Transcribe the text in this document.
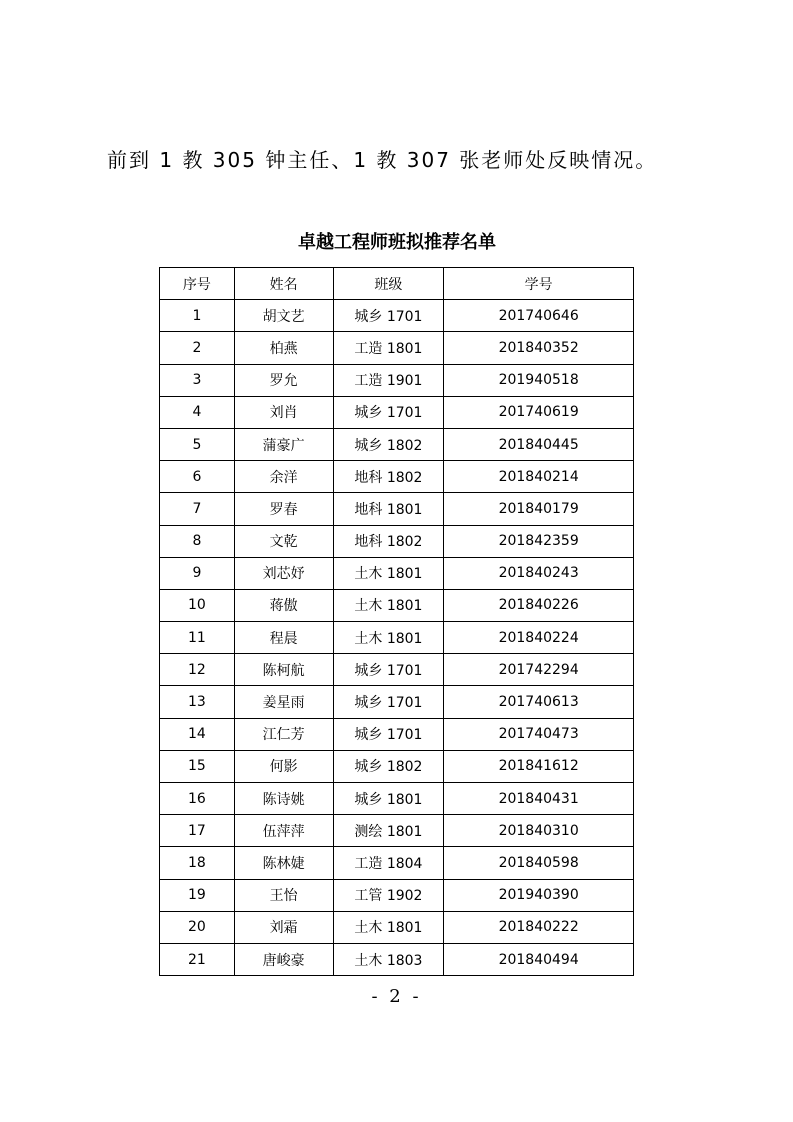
前到 1 教 305 钟主任、1 教 307 张老师处反映情况。
卓越工程师班拟推荐名单
序号	姓名	班级	学号
1	胡文艺	城乡 1701	201740646
2	柏燕	工造 1801	201840352
3	罗允	工造 1901	201940518
4	刘肖	城乡 1701	201740619
5	蒲豪广	城乡 1802	201840445
6	余洋	地科 1802	201840214
7	罗春	地科 1801	201840179
8	文乾	地科 1802	201842359
9	刘芯妤	土木 1801	201840243
10	蒋傲	土木 1801	201840226
11	程晨	土木 1801	201840224
12	陈柯航	城乡 1701	201742294
13	姜星雨	城乡 1701	201740613
14	江仁芳	城乡 1701	201740473
15	何影	城乡 1802	201841612
16	陈诗姚	城乡 1801	201840431
17	伍萍萍	测绘 1801	201840310
18	陈林婕	工造 1804	201840598
19	王怡	工管 1902	201940390
20	刘霜	土木 1801	201840222
21	唐峻豪	土木 1803	201840494
- 2 -
